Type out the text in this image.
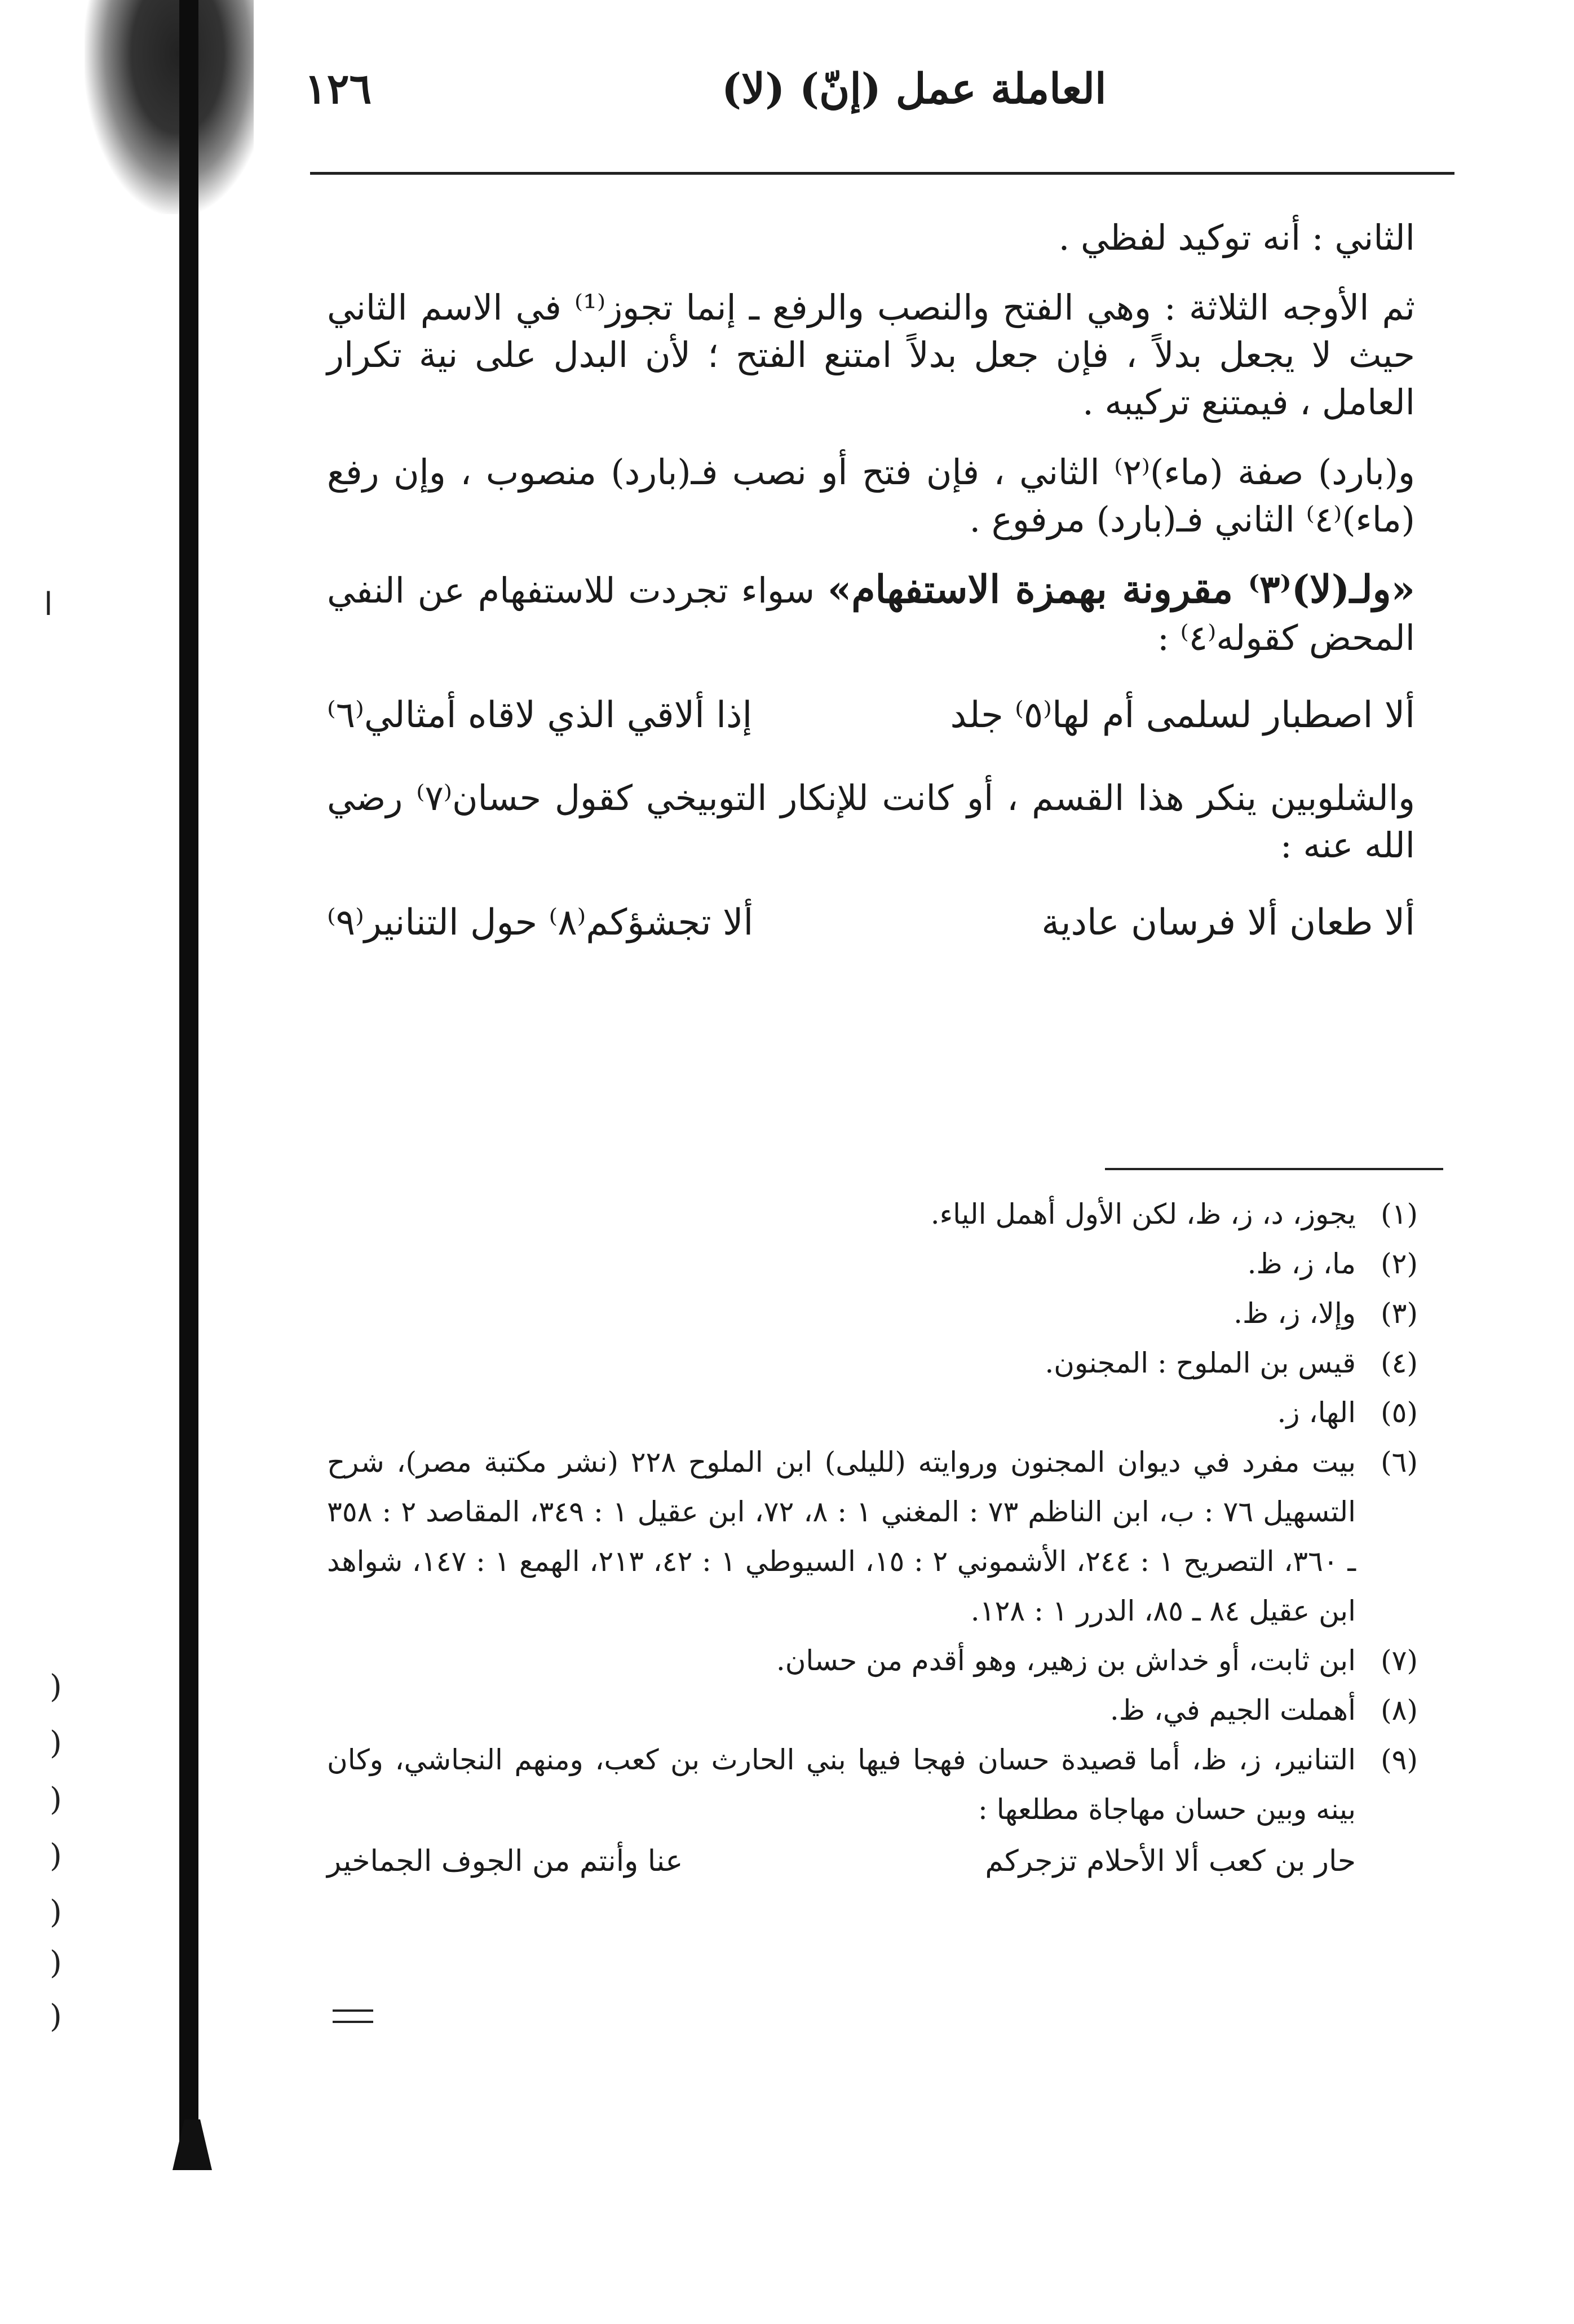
ا
)
)
)
)
)
)
)
١٢٦	(لا) العاملة عمل (إنّ)

الثاني : أنه توكيد لفظي .

ثم الأوجه الثلاثة : وهي الفتح والنصب والرفع ـ إنما تجوز⁽¹⁾ في الاسم الثاني حيث لا يجعل بدلاً ، فإن جعل بدلاً امتنع الفتح ؛ لأن البدل على نية تكرار العامل ، فيمتنع تركيبه .

و(بارد) صفة (ماء)⁽٢⁾ الثاني ، فإن فتح أو نصب فـ(بارد) منصوب ، وإن رفع (ماء)⁽٤⁾ الثاني فـ(بارد) مرفوع .

«ولـ(لا)⁽٣⁾ مقرونة بهمزة الاستفهام» سواء تجردت للاستفهام عن النفي المحض كقوله⁽٤⁾ :

ألا اصطبار لسلمى أم لها⁽٥⁾ جلد
إذا ألاقي الذي لاقاه أمثالي⁽٦⁾

والشلوبين ينكر هذا القسم ، أو كانت للإنكار التوبيخي كقول حسان⁽٧⁾ رضي الله عنه :

ألا طعان ألا فرسان عادية
ألا تجشؤكم⁽٨⁾ حول التنانير⁽٩⁾
(١)
يجوز، د، ز، ظ، لكن الأول أهمل الياء.
(٢)
ما، ز، ظ.
(٣)
وإلا، ز، ظ.
(٤)
قيس بن الملوح : المجنون.
(٥)
الها، ز.
(٦)
بيت مفرد في ديوان المجنون وروايته (لليلى) ابن الملوح ٢٢٨ (نشر مكتبة مصر)، شرح التسهيل ٧٦ : ب، ابن الناظم ٧٣ : المغني ١ : ٨، ٧٢، ابن عقيل ١ : ٣٤٩، المقاصد ٢ : ٣٥٨ ـ ٣٦٠، التصريح ١ : ٢٤٤، الأشموني ٢ : ١٥، السيوطي ١ : ٤٢، ٢١٣، الهمع ١ : ١٤٧، شواهد ابن عقيل ٨٤ ـ ٨٥، الدرر ١ : ١٢٨.
(٧)
ابن ثابت، أو خداش بن زهير، وهو أقدم من حسان.
(٨)
أهملت الجيم في، ظ.
(٩)
التنانير، ز، ظ، أما قصيدة حسان فهجا فيها بني الحارث بن كعب، ومنهم النجاشي، وكان بينه وبين حسان مهاجاة مطلعها :
حار بن كعب ألا الأحلام تزجركم
عنا وأنتم من الجوف الجماخير
